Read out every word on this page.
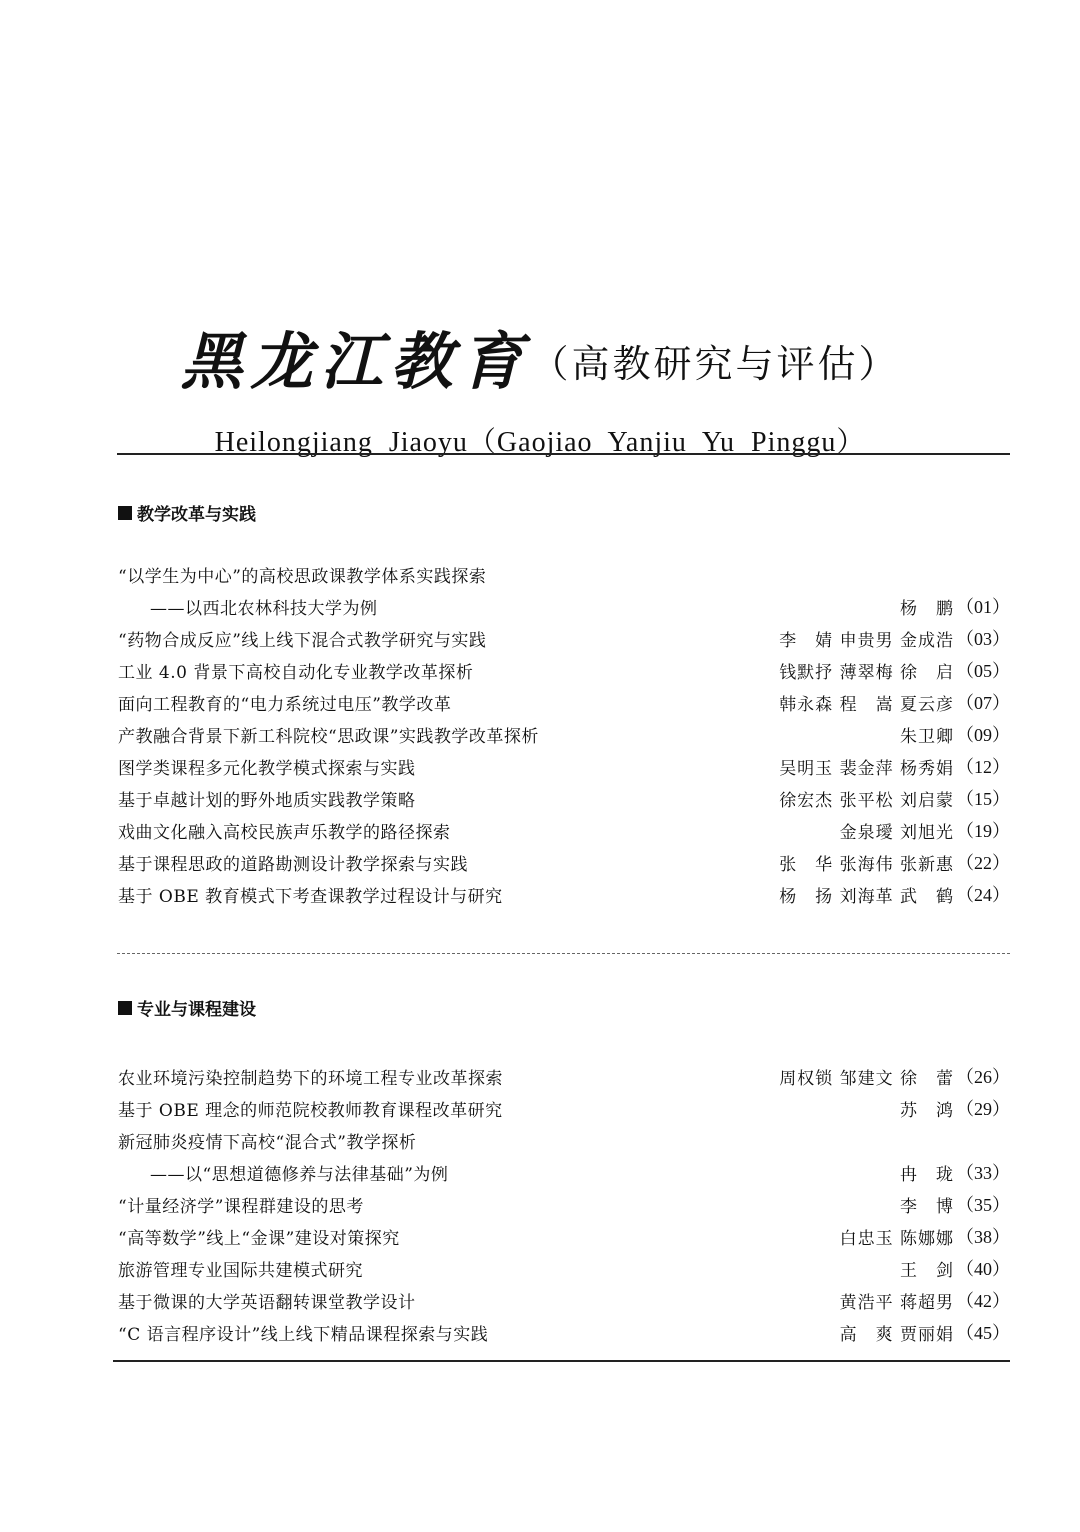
黑龙江教育（高教研究与评估）
Heilongjiang  Jiaoyu（Gaojiao  Yanjiu  Yu  Pinggu）
教学改革与实践
“以学生为中心”的高校思政课教学体系实践探索
——以西北农林科技大学为例	杨　鹏 （01）
“药物合成反应”线上线下混合式教学研究与实践	李　婧 申贵男 金成浩 （03）
工业 4.0 背景下高校自动化专业教学改革探析	钱默抒 薄翠梅 徐　启 （05）
面向工程教育的“电力系统过电压”教学改革	韩永森 程　嵩 夏云彦 （07）
产教融合背景下新工科院校“思政课”实践教学改革探析	朱卫卿 （09）
图学类课程多元化教学模式探索与实践	吴明玉 裴金萍 杨秀娟 （12）
基于卓越计划的野外地质实践教学策略	徐宏杰 张平松 刘启蒙 （15）
戏曲文化融入高校民族声乐教学的路径探索	金泉璦 刘旭光 （19）
基于课程思政的道路勘测设计教学探索与实践	张　华 张海伟 张新惠 （22）
基于 OBE 教育模式下考查课教学过程设计与研究	杨　扬 刘海革 武　鹤 （24）
专业与课程建设
农业环境污染控制趋势下的环境工程专业改革探索	周权锁 邹建文 徐　蕾 （26）
基于 OBE 理念的师范院校教师教育课程改革研究	苏　鸿 （29）
新冠肺炎疫情下高校“混合式”教学探析
——以“思想道德修养与法律基础”为例	冉　珑 （33）
“计量经济学”课程群建设的思考	李　博 （35）
“高等数学”线上“金课”建设对策探究	白忠玉 陈娜娜 （38）
旅游管理专业国际共建模式研究	王　剑 （40）
基于微课的大学英语翻转课堂教学设计	黄浩平 蒋超男 （42）
“C 语言程序设计”线上线下精品课程探索与实践	高　爽 贾丽娟 （45）
